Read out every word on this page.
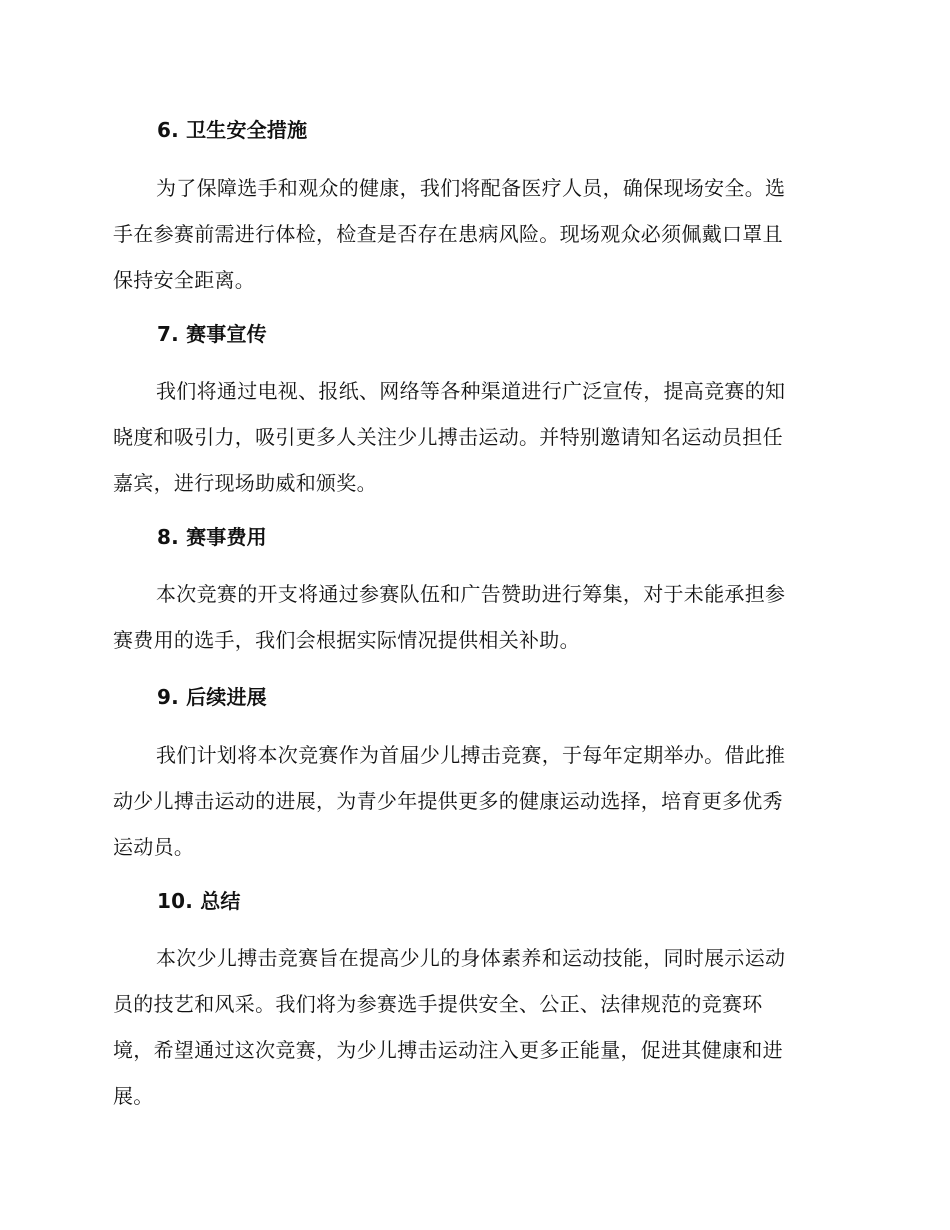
6. 卫生安全措施
为了保障选手和观众的健康，我们将配备医疗人员，确保现场安全。选
手在参赛前需进行体检，检查是否存在患病风险。现场观众必须佩戴口罩且
保持安全距离。
7. 赛事宣传
我们将通过电视、报纸、网络等各种渠道进行广泛宣传，提高竞赛的知
晓度和吸引力，吸引更多人关注少儿搏击运动。并特别邀请知名运动员担任
嘉宾，进行现场助威和颁奖。
8. 赛事费用
本次竞赛的开支将通过参赛队伍和广告赞助进行筹集，对于未能承担参
赛费用的选手，我们会根据实际情况提供相关补助。
9. 后续进展
我们计划将本次竞赛作为首届少儿搏击竞赛，于每年定期举办。借此推
动少儿搏击运动的进展，为青少年提供更多的健康运动选择，培育更多优秀
运动员。
10. 总结
本次少儿搏击竞赛旨在提高少儿的身体素养和运动技能，同时展示运动
员的技艺和风采。我们将为参赛选手提供安全、公正、法律规范的竞赛环
境，希望通过这次竞赛，为少儿搏击运动注入更多正能量，促进其健康和进
展。
